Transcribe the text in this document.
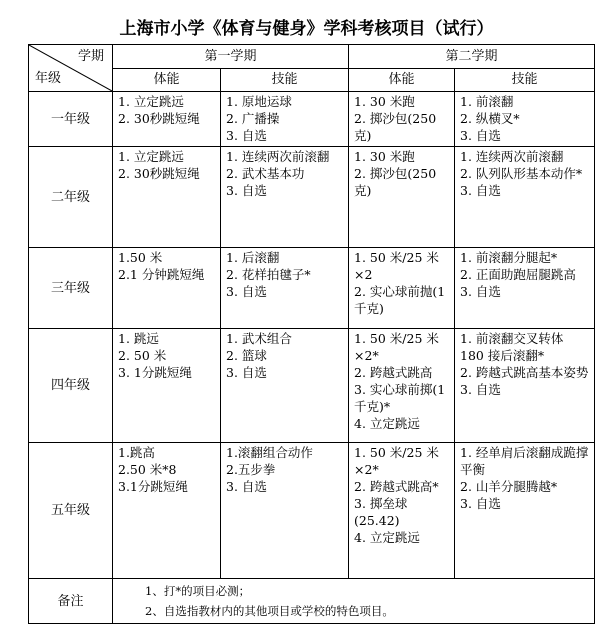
上海市小学《体育与健身》学科考核项目（试行）
学期
年级	第一学期		第二学期	
	体能	技能	体能	技能
一年级	1. 立定跳远
2. 30秒跳短绳	1. 原地运球
2. 广播操
3. 自选	1. 30 米跑
2. 掷沙包(250克)	1. 前滚翻
2. 纵横叉*
3. 自选

二年级	1. 立定跳远
2. 30秒跳短绳	1. 连续两次前滚翻
2. 武术基本功
3. 自选	1. 30 米跑
2. 掷沙包(250克)	1. 连续两次前滚翻
2. 队列队形基本动作*
3. 自选

三年级	1.50 米
2.1 分钟跳短绳	1. 后滚翻
2. 花样拍毽子*
3. 自选	1. 50 米/25 米×2
2. 实心球前抛(1千克)	1. 前滚翻分腿起*
2. 正面助跑屈腿跳高
3. 自选

四年级	1. 跳远
2. 50 米
3. 1分跳短绳	1. 武术组合
2. 篮球
3. 自选	1. 50 米/25 米×2*
2. 跨越式跳高
3. 实心球前掷(1千克)*
4. 立定跳远	1. 前滚翻交叉转体 180 接后滚翻*
2. 跨越式跳高基本姿势
3. 自选

五年级	1.跳高
2.50 米*8
3.1分跳短绳	1.滚翻组合动作
2.五步拳
3. 自选	1. 50 米/25 米×2*
2. 跨越式跳高*
3. 掷垒球(25.42)
4. 立定跳远	1. 经单肩后滚翻成跪撑平衡
2. 山羊分腿腾越*
3. 自选

备注	1、打*的项目必测；
2、自选指教材内的其他项目或学校的特色项目。			
